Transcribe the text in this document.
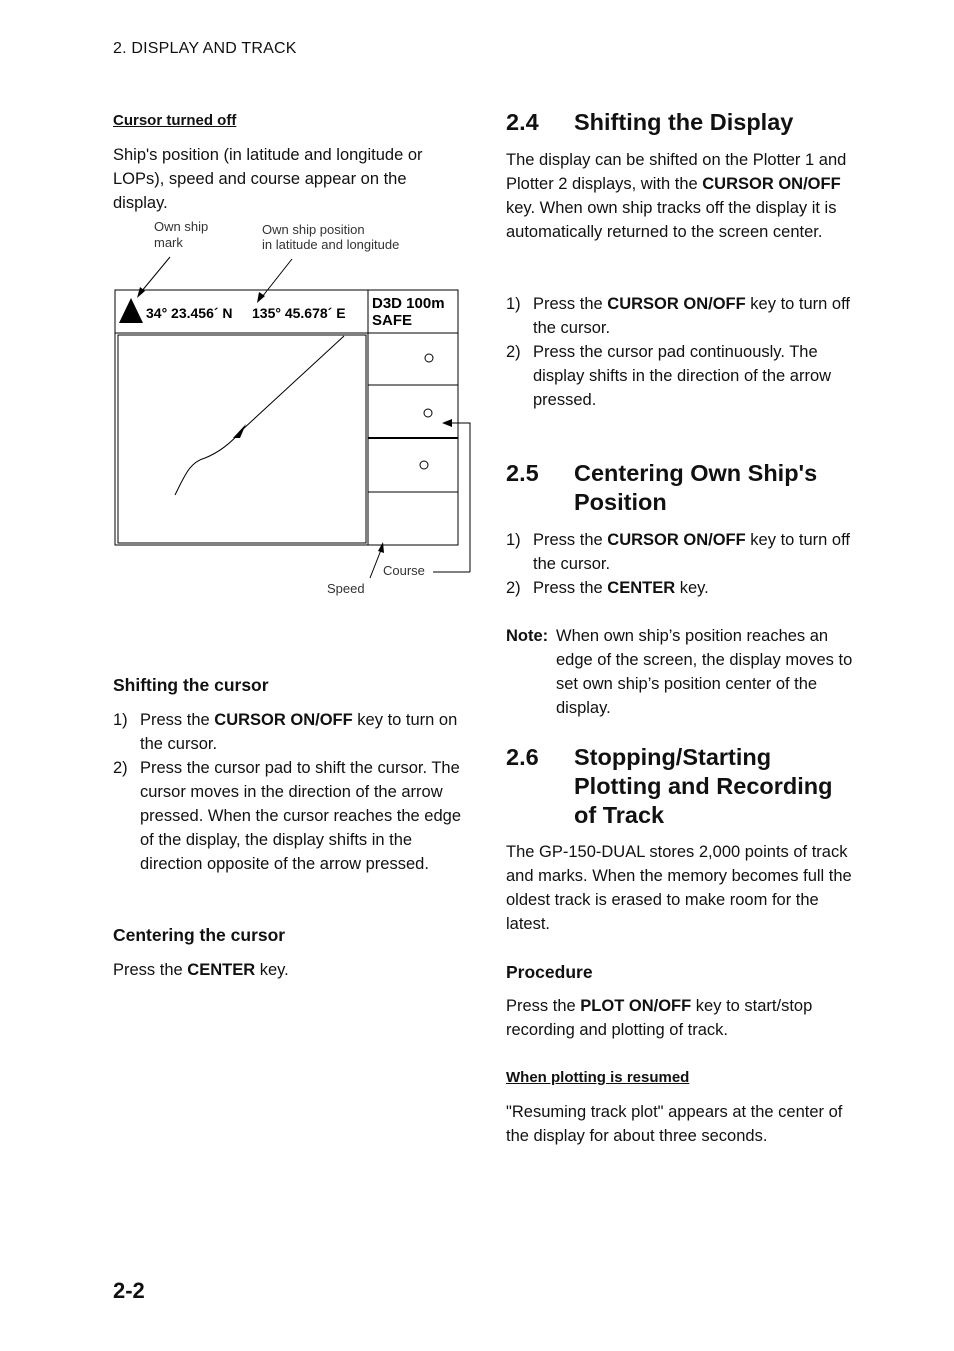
2. DISPLAY AND TRACK
Cursor turned off

Ship's position (in latitude and longitude or LOPs), speed and course appear on the display.

Own ship
mark
Own ship position
in latitude and longitude
34° 23.456´ N 135° 45.678´ E
D3D 100m
SAFE
Course
Speed
Shifting the cursor
1) Press the CURSOR ON/OFF key to turn on the cursor.
2) Press the cursor pad to shift the cursor. The cursor moves in the direction of the arrow pressed. When the cursor reaches the edge of the display, the display shifts in the direction opposite of the arrow pressed.
Centering the cursor

Press the CENTER key.

2.4	Shifting the Display

The display can be shifted on the Plotter 1 and Plotter 2 displays, with the CURSOR ON/OFF key. When own ship tracks off the display it is automatically returned to the screen center.

1) Press the CURSOR ON/OFF key to turn off the cursor.
2) Press the cursor pad continuously. The display shifts in the direction of the arrow pressed.
2.5	Centering Own Ship's Position
1) Press the CURSOR ON/OFF key to turn off the cursor.
2) Press the CENTER key.
Note: When own ship’s position reaches an edge of the screen, the display moves to set own ship’s position center of the display.
2.6	Stopping/Starting Plotting and Recording of Track

The GP-150-DUAL stores 2,000 points of track and marks. When the memory becomes full the oldest track is erased to make room for the latest.

Procedure

Press the PLOT ON/OFF key to start/stop recording and plotting of track.

When plotting is resumed

"Resuming track plot" appears at the center of the display for about three seconds.

2-2
